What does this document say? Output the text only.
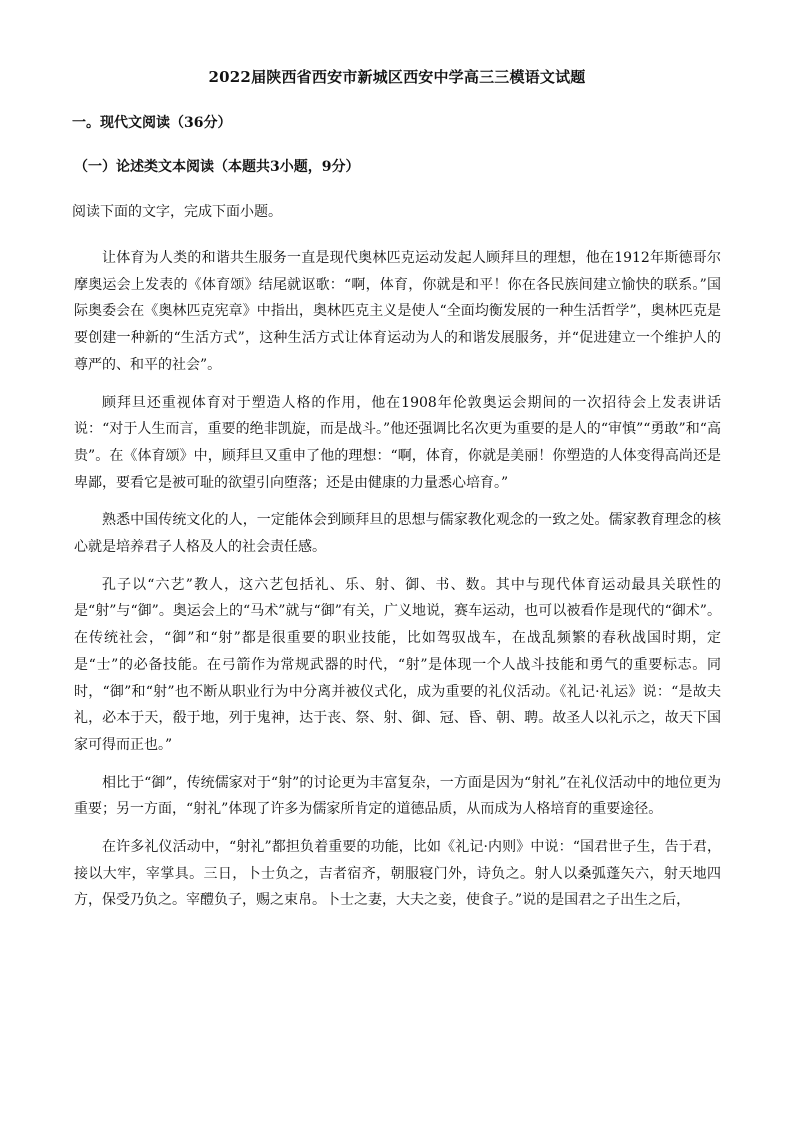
2022届陕西省西安市新城区西安中学高三三模语文试题
一。现代文阅读（36分）
（一）论述类文本阅读（本题共3小题，9分）
阅读下面的文字，完成下面小题。

让体育为人类的和谐共生服务一直是现代奥林匹克运动发起人顾拜旦的理想，他在1912年斯德哥尔摩奥运会上发表的《体育颂》结尾就讴歌：“啊，体育，你就是和平！你在各民族间建立愉快的联系。”国际奥委会在《奥林匹克宪章》中指出，奥林匹克主义是使人“全面均衡发展的一种生活哲学”，奥林匹克是要创建一种新的“生活方式”，这种生活方式让体育运动为人的和谐发展服务，并“促进建立一个维护人的尊严的、和平的社会”。

顾拜旦还重视体育对于塑造人格的作用，他在1908年伦敦奥运会期间的一次招待会上发表讲话说：“对于人生而言，重要的绝非凯旋，而是战斗。”他还强调比名次更为重要的是人的“审慎”“勇敢”和“高贵”。在《体育颂》中，顾拜旦又重申了他的理想：“啊，体育，你就是美丽！你塑造的人体变得高尚还是卑鄙，要看它是被可耻的欲望引向堕落；还是由健康的力量悉心培育。”

熟悉中国传统文化的人，一定能体会到顾拜旦的思想与儒家教化观念的一致之处。儒家教育理念的核心就是培养君子人格及人的社会责任感。

孔子以“六艺”教人，这六艺包括礼、乐、射、御、书、数。其中与现代体育运动最具关联性的是“射”与“御”。奥运会上的“马术”就与“御”有关，广义地说，赛车运动，也可以被看作是现代的“御术”。在传统社会，“御”和“射”都是很重要的职业技能，比如驾驭战车，在战乱频繁的春秋战国时期，定是“士”的必备技能。在弓箭作为常规武器的时代，“射”是体现一个人战斗技能和勇气的重要标志。同时，“御”和“射”也不断从职业行为中分离并被仪式化，成为重要的礼仪活动。《礼记·礼运》说：“是故夫礼，必本于天，殽于地，列于鬼神，达于丧、祭、射、御、冠、昏、朝、聘。故圣人以礼示之，故天下国家可得而正也。”

相比于“御”，传统儒家对于“射”的讨论更为丰富复杂，一方面是因为“射礼”在礼仪活动中的地位更为重要；另一方面，“射礼”体现了许多为儒家所肯定的道德品质，从而成为人格培育的重要途径。

在许多礼仪活动中，“射礼”都担负着重要的功能，比如《礼记·内则》中说：“国君世子生，告于君，接以大牢，宰掌具。三日，卜士负之，吉者宿齐，朝服寝门外，诗负之。射人以桑弧蓬矢六，射天地四方，保受乃负之。宰醴负子，赐之束帛。卜士之妻，大夫之妾，使食子。”说的是国君之子出生之后，
